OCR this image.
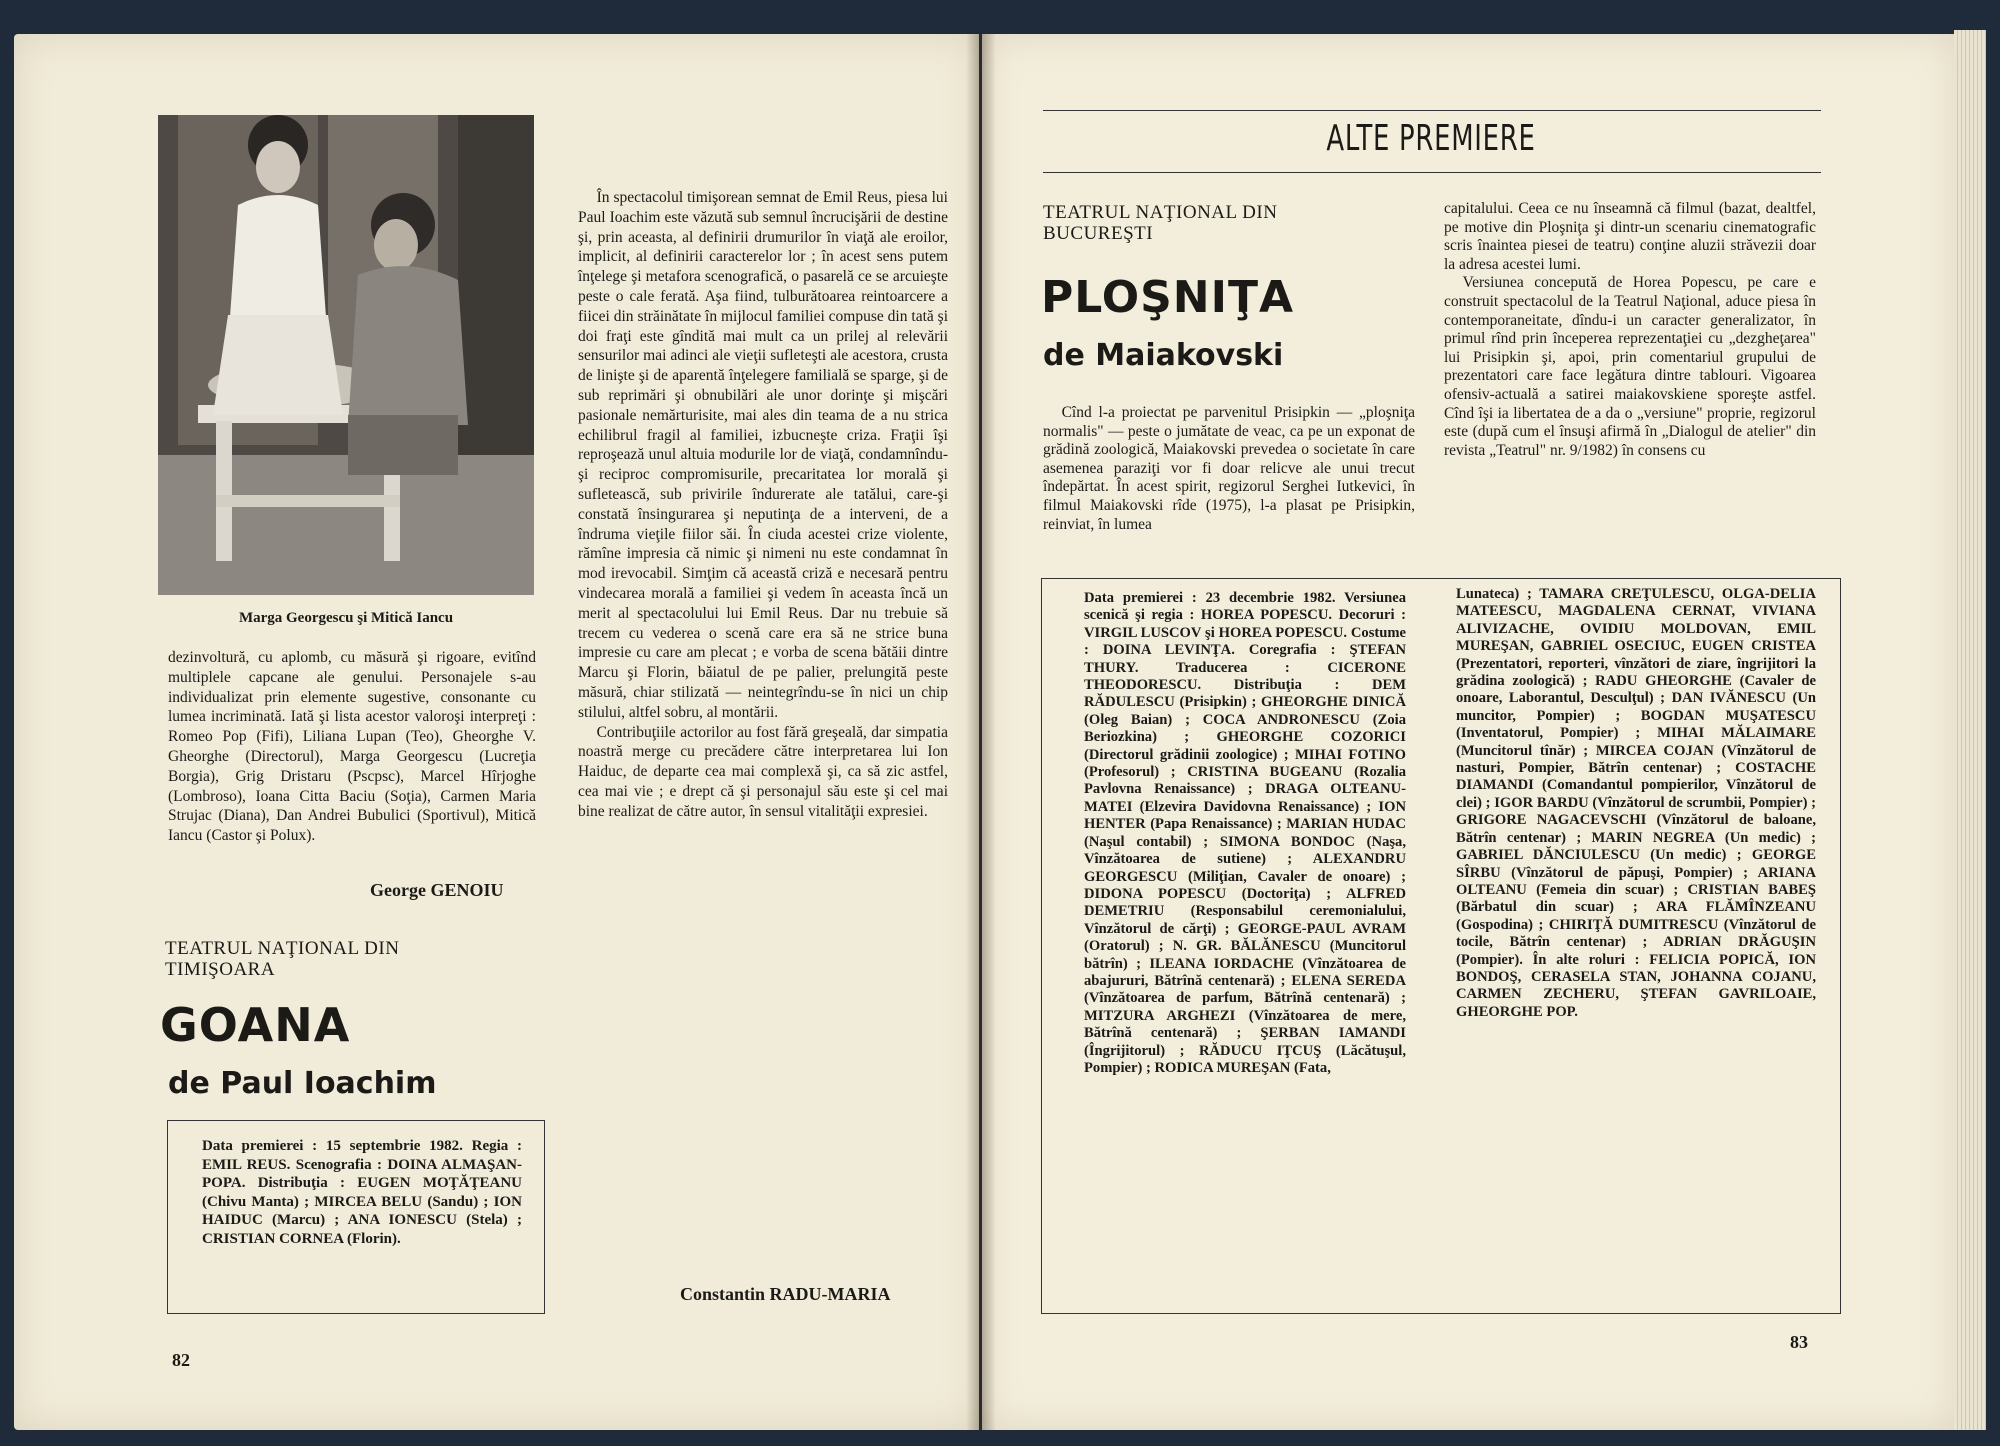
Marga Georgescu şi Mitică Iancu

dezinvoltură, cu aplomb, cu măsură şi rigoare, evitînd multiplele capcane ale genului. Personajele s-au individualizat prin elemente sugestive, consonante cu lumea incriminată. Iată şi lista acestor valoroşi interpreţi : Romeo Pop (Fifi), Liliana Lupan (Teo), Gheorghe V. Gheorghe (Directorul), Marga Georgescu (Lucreţia Borgia), Grig Dristaru (Pscpsc), Marcel Hîrjoghe (Lombroso), Ioana Citta Baciu (Soţia), Carmen Maria Strujac (Diana), Dan Andrei Bubulici (Sportivul), Mitică Iancu (Castor şi Polux).

George GENOIU
TEATRUL NAŢIONAL DIN TIMIŞOARA
GOANA
de Paul Ioachim

Data premierei : 15 septembrie 1982. Regia : EMIL REUS. Scenografia : DOINA ALMAŞAN-POPA. Distribuţia : EUGEN MOŢĂŢEANU (Chivu Manta) ; MIRCEA BELU (Sandu) ; ION HAIDUC (Marcu) ; ANA IONESCU (Stela) ; CRISTIAN CORNEA (Florin).

În spectacolul timişorean semnat de Emil Reus, piesa lui Paul Ioachim este văzută sub semnul încrucişării de destine şi, prin aceasta, al definirii drumurilor în viaţă ale eroilor, implicit, al definirii caracterelor lor ; în acest sens putem înţelege şi metafora scenografică, o pasarelă ce se arcuieşte peste o cale ferată. Aşa fiind, tulburătoarea reintoarcere a fiicei din străinătate în mijlocul familiei compuse din tată şi doi fraţi este gîndită mai mult ca un prilej al relevării sensurilor mai adinci ale vieţii sufleteşti ale acestora, crusta de linişte şi de aparentă înţelegere familială se sparge, şi de sub reprimări şi obnubilări ale unor dorinţe şi mişcări pasionale nemărturisite, mai ales din teama de a nu strica echilibrul fragil al familiei, izbucneşte criza. Fraţii îşi reproşează unul altuia modurile lor de viaţă, condamnîndu-şi reciproc compromisurile, precaritatea lor morală şi sufletească, sub privirile îndurerate ale tatălui, care-şi constată însingurarea şi neputinţa de a interveni, de a îndruma vieţile fiilor săi. În ciuda acestei crize violente, rămîne impresia că nimic şi nimeni nu este condamnat în mod irevocabil. Simţim că această criză e necesară pentru vindecarea morală a familiei şi vedem în aceasta încă un merit al spectacolului lui Emil Reus. Dar nu trebuie să trecem cu vederea o scenă care era să ne strice buna impresie cu care am plecat ; e vorba de scena bătăii dintre Marcu şi Florin, băiatul de pe palier, prelungită peste măsură, chiar stilizată — neintegrîndu-se în nici un chip stilului, altfel sobru, al montării.

Contribuţiile actorilor au fost fără greşeală, dar simpatia noastră merge cu precădere către interpretarea lui Ion Haiduc, de departe cea mai complexă şi, ca să zic astfel, cea mai vie ; e drept că şi personajul său este şi cel mai bine realizat de către autor, în sensul vitalităţii expresiei.

Constantin RADU-MARIA
82
ALTE PREMIERE
TEATRUL NAŢIONAL DIN BUCUREŞTI
PLOŞNIŢA
de Maiakovski

Cînd l-a proiectat pe parvenitul Prisipkin — „ploşniţa normalis" — peste o jumătate de veac, ca pe un exponat de grădină zoologică, Maiakovski prevedea o societate în care asemenea paraziţi vor fi doar relicve ale unui trecut îndepărtat. În acest spirit, regizorul Serghei Iutkevici, în filmul Maiakovski rîde (1975), l-a plasat pe Prisipkin, reinviat, în lumea

capitalului. Ceea ce nu înseamnă că filmul (bazat, dealtfel, pe motive din Ploşniţa şi dintr-un scenariu cinematografic scris înaintea piesei de teatru) conţine aluzii străvezii doar la adresa acestei lumi.

Versiunea concepută de Horea Popescu, pe care e construit spectacolul de la Teatrul Naţional, aduce piesa în contemporaneitate, dîndu-i un caracter generalizator, în primul rînd prin începerea reprezentaţiei cu „dezgheţarea" lui Prisipkin şi, apoi, prin comentariul grupului de prezentatori care face legătura dintre tablouri. Vigoarea ofensiv-actuală a satirei maiakovskiene sporeşte astfel. Cînd îşi ia libertatea de a da o „versiune" proprie, regizorul este (după cum el însuşi afirmă în „Dialogul de atelier" din revista „Teatrul" nr. 9/1982) în consens cu

Data premierei : 23 decembrie 1982. Versiunea scenică şi regia : HOREA POPESCU. Decoruri : VIRGIL LUSCOV şi HOREA POPESCU. Costume : DOINA LEVINŢA. Coregrafia : ŞTEFAN THURY. Traducerea : CICERONE THEODORESCU. Distribuţia : DEM RĂDULESCU (Prisipkin) ; GHEORGHE DINICĂ (Oleg Baian) ; COCA ANDRONESCU (Zoia Beriozkina) ; GHEORGHE COZORICI (Directorul grădinii zoologice) ; MIHAI FOTINO (Profesorul) ; CRISTINA BUGEANU (Rozalia Pavlovna Renaissance) ; DRAGA OLTEANU-MATEI (Elzevira Davidovna Renaissance) ; ION HENTER (Papa Renaissance) ; MARIAN HUDAC (Naşul contabil) ; SIMONA BONDOC (Naşa, Vînzătoarea de sutiene) ; ALEXANDRU GEORGESCU (Miliţian, Cavaler de onoare) ; DIDONA POPESCU (Doctoriţa) ; ALFRED DEMETRIU (Responsabilul ceremonialului, Vînzătorul de cărţi) ; GEORGE-PAUL AVRAM (Oratorul) ; N. GR. BĂLĂNESCU (Muncitorul bătrîn) ; ILEANA IORDACHE (Vînzătoarea de abajururi, Bătrînă centenară) ; ELENA SEREDA (Vînzătoarea de parfum, Bătrînă centenară) ; MITZURA ARGHEZI (Vînzătoarea de mere, Bătrînă centenară) ; ŞERBAN IAMANDI (Îngrijitorul) ; RĂDUCU IŢCUŞ (Lăcătuşul, Pompier) ; RODICA MUREŞAN (Fata,

Lunateca) ; TAMARA CREŢULESCU, OLGA-DELIA MATEESCU, MAGDALENA CERNAT, VIVIANA ALIVIZACHE, OVIDIU MOLDOVAN, EMIL MUREŞAN, GABRIEL OSECIUC, EUGEN CRISTEA (Prezentatori, reporteri, vînzători de ziare, îngrijitori la grădina zoologică) ; RADU GHEORGHE (Cavaler de onoare, Laborantul, Desculţul) ; DAN IVĂNESCU (Un muncitor, Pompier) ; BOGDAN MUŞATESCU (Inventatorul, Pompier) ; MIHAI MĂLAIMARE (Muncitorul tînăr) ; MIRCEA COJAN (Vînzătorul de nasturi, Pompier, Bătrîn centenar) ; COSTACHE DIAMANDI (Comandantul pompierilor, Vînzătorul de clei) ; IGOR BARDU (Vînzătorul de scrumbii, Pompier) ; GRIGORE NAGACEVSCHI (Vînzătorul de baloane, Bătrîn centenar) ; MARIN NEGREA (Un medic) ; GABRIEL DĂNCIULESCU (Un medic) ; GEORGE SÎRBU (Vînzătorul de păpuşi, Pompier) ; ARIANA OLTEANU (Femeia din scuar) ; CRISTIAN BABEŞ (Bărbatul din scuar) ; ARA FLĂMÎNZEANU (Gospodina) ; CHIRIŢĂ DUMITRESCU (Vînzătorul de tocile, Bătrîn centenar) ; ADRIAN DRĂGUŞIN (Pompier). În alte roluri : FELICIA POPICĂ, ION BONDOŞ, CERASELA STAN, JOHANNA COJANU, CARMEN ZECHERU, ŞTEFAN GAVRILOAIE, GHEORGHE POP.

83
